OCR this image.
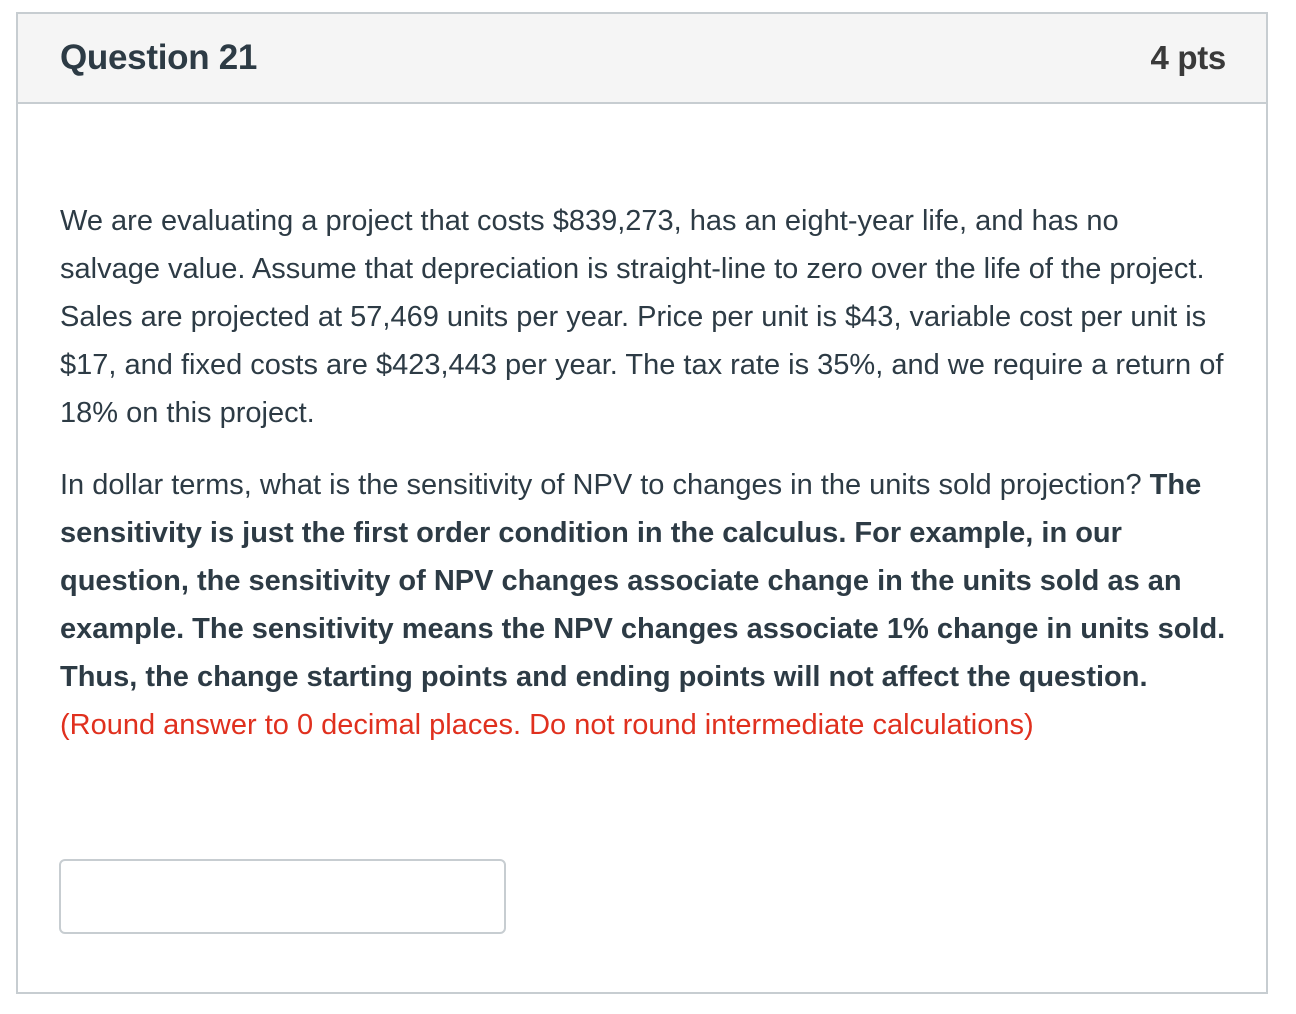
Question 21	4 pts

We are evaluating a project that costs $839,273, has an eight-year life, and has no salvage value. Assume that depreciation is straight-line to zero over the life of the project. Sales are projected at 57,469 units per year. Price per unit is $43, variable cost per unit is $17, and fixed costs are $423,443 per year. The tax rate is 35%, and we require a return of 18% on this project.

In dollar terms, what is the sensitivity of NPV to changes in the units sold projection? The sensitivity is just the first order condition in the calculus. For example, in our question, the sensitivity of NPV changes associate change in the units sold as an example. The sensitivity means the NPV changes associate 1% change in units sold. Thus, the change starting points and ending points will not affect the question.  (Round answer to 0 decimal places. Do not round intermediate calculations)
